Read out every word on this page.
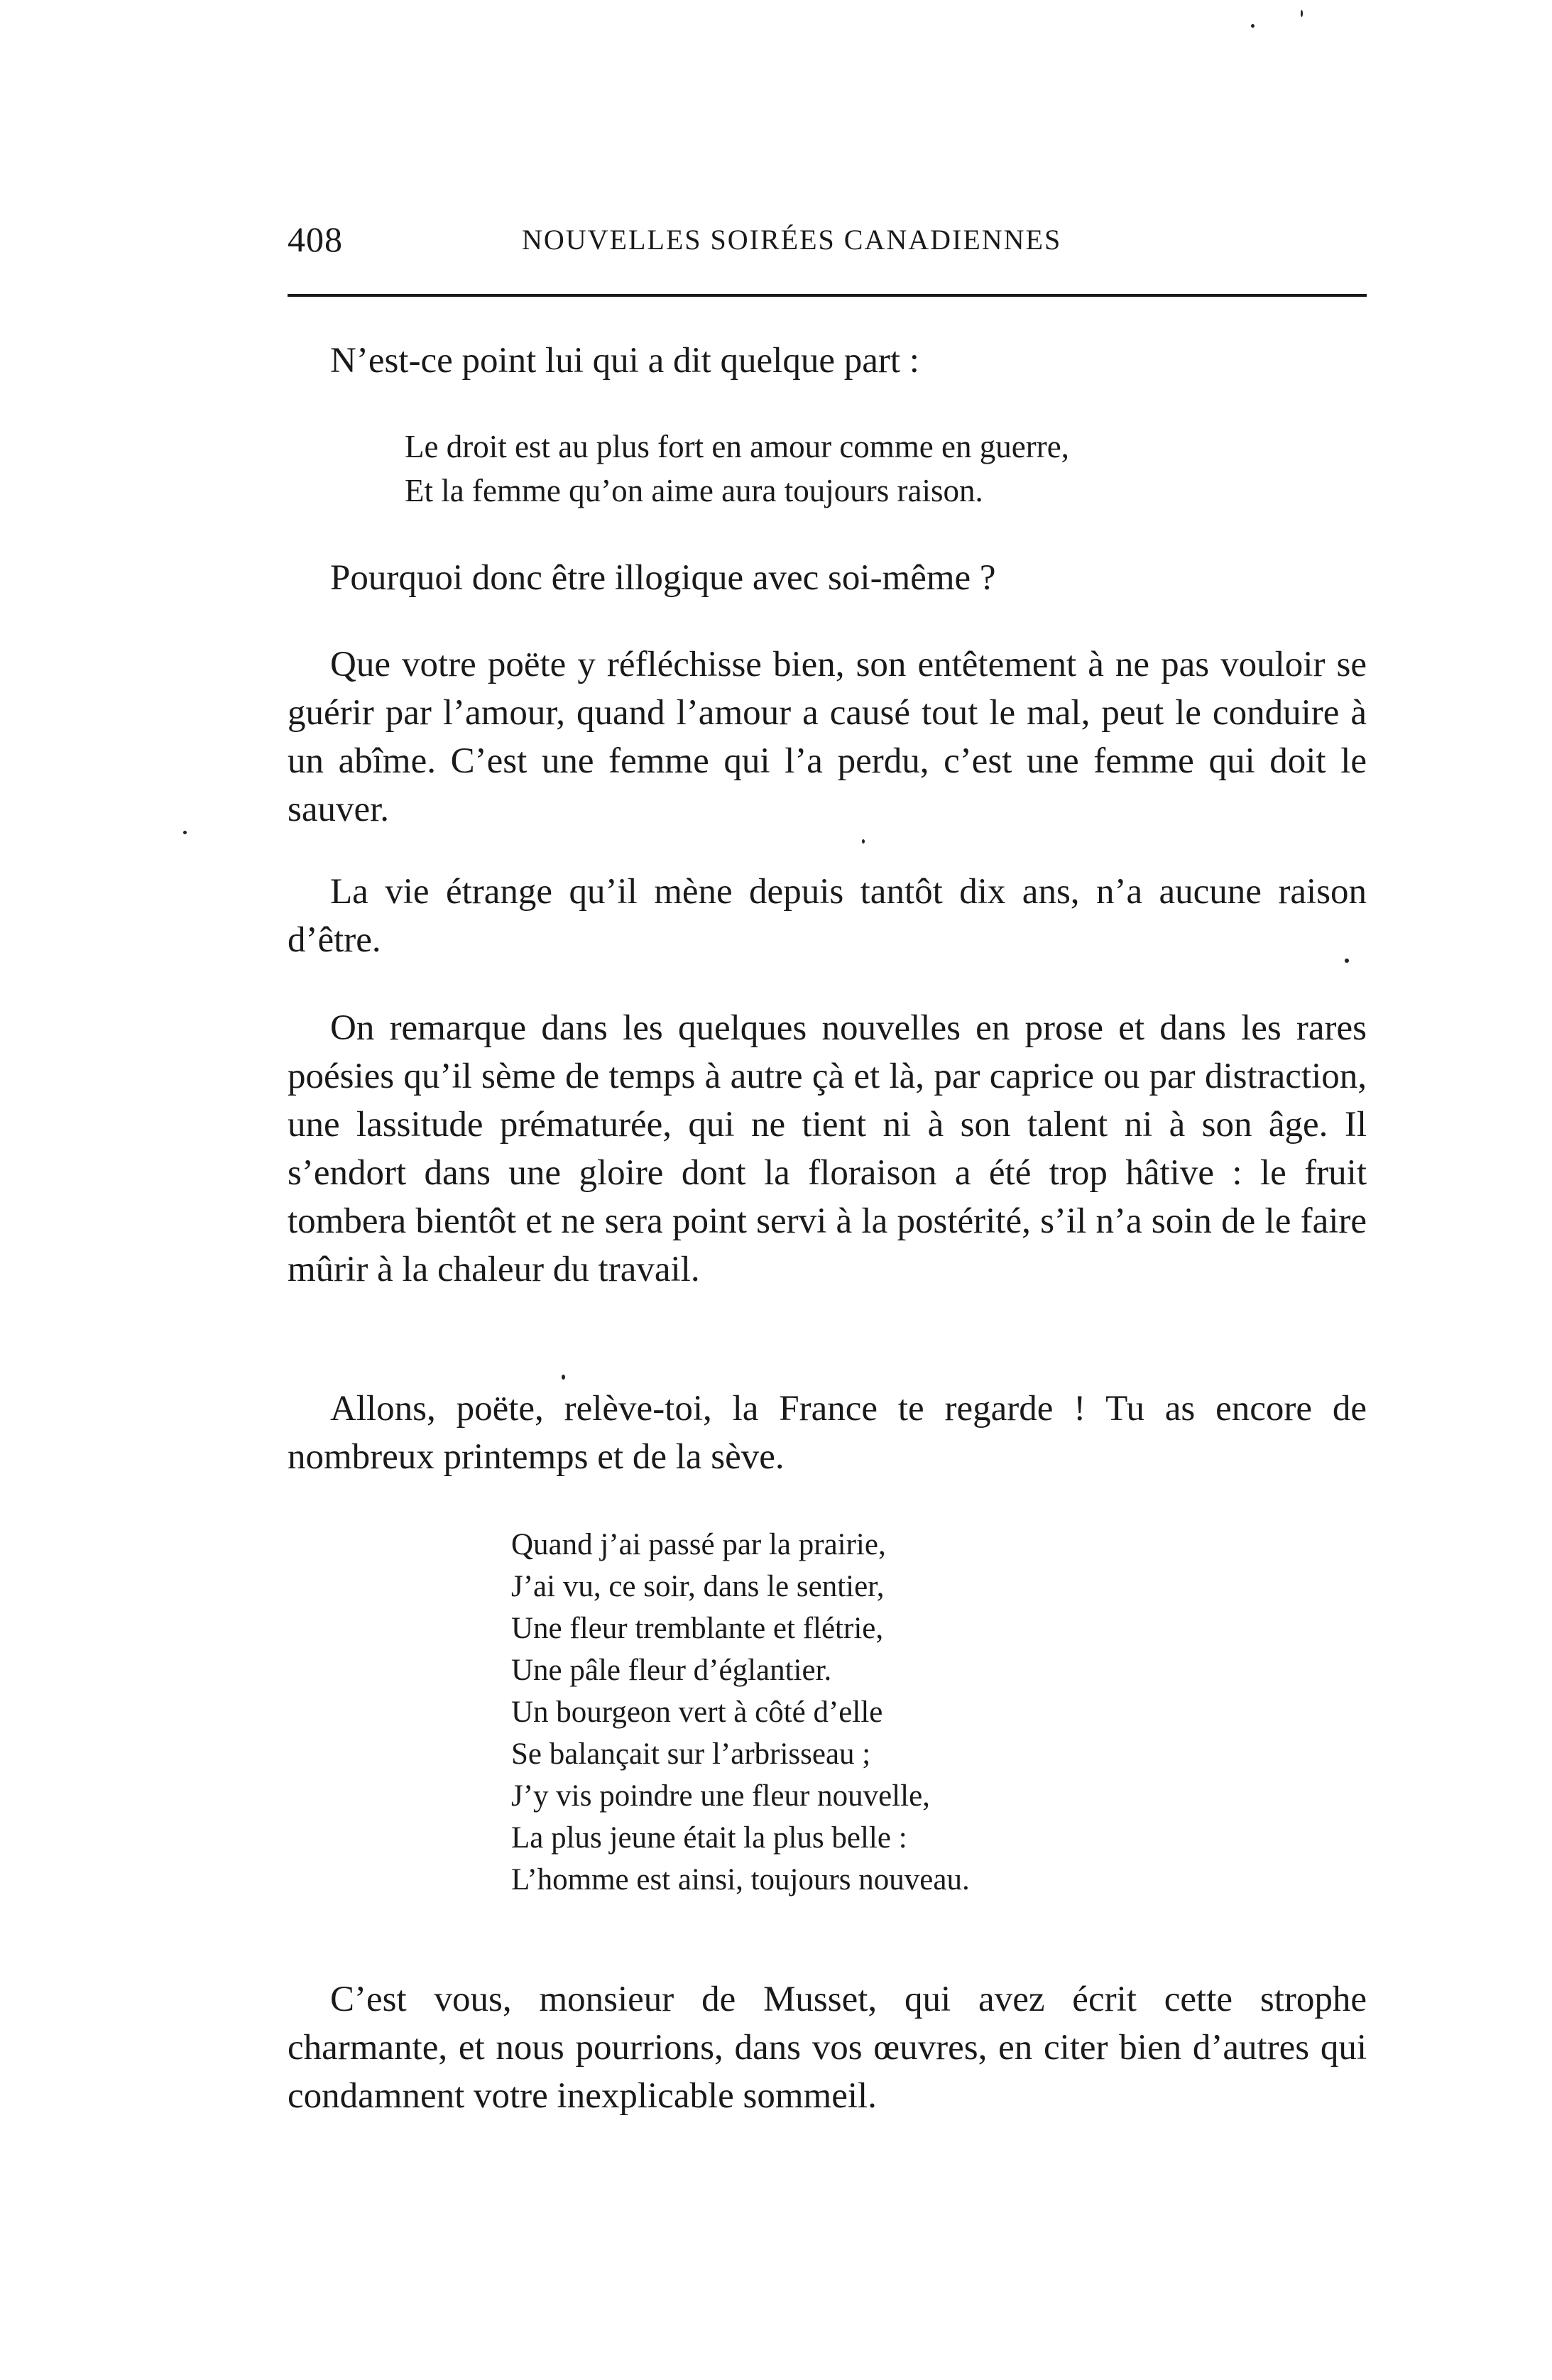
408	NOUVELLES SOIRÉES CANADIENNES
N’est-ce point lui qui a dit quelque part :
Le droit est au plus fort en amour comme en guerre,
Et la femme qu’on aime aura toujours raison.
Pourquoi donc être illogique avec soi-même ?
Que votre poëte y réfléchisse bien, son entêtement à ne pas vouloir se guérir par l’amour, quand l’amour a causé tout le mal, peut le conduire à un abîme. C’est une femme qui l’a perdu, c’est une femme qui doit le sauver.
La vie étrange qu’il mène depuis tantôt dix ans, n’a aucune raison d’être.
On remarque dans les quelques nouvelles en prose et dans les rares poésies qu’il sème de temps à autre çà et là, par caprice ou par distraction, une lassitude prématurée, qui ne tient ni à son talent ni à son âge. Il s’endort dans une gloire dont la floraison a été trop hâtive : le fruit tombera bientôt et ne sera point servi à la postérité, s’il n’a soin de le faire mûrir à la chaleur du travail.
Allons, poëte, relève-toi, la France te regarde ! Tu as encore de nombreux printemps et de la sève.
Quand j’ai passé par la prairie,
J’ai vu, ce soir, dans le sentier,
Une fleur tremblante et flétrie,
Une pâle fleur d’églantier.
Un bourgeon vert à côté d’elle
Se balançait sur l’arbrisseau ;
J’y vis poindre une fleur nouvelle,
La plus jeune était la plus belle :
L’homme est ainsi, toujours nouveau.
C’est vous, monsieur de Musset, qui avez écrit cette strophe charmante, et nous pourrions, dans vos œuvres, en citer bien d’autres qui condamnent votre inexplicable sommeil.
